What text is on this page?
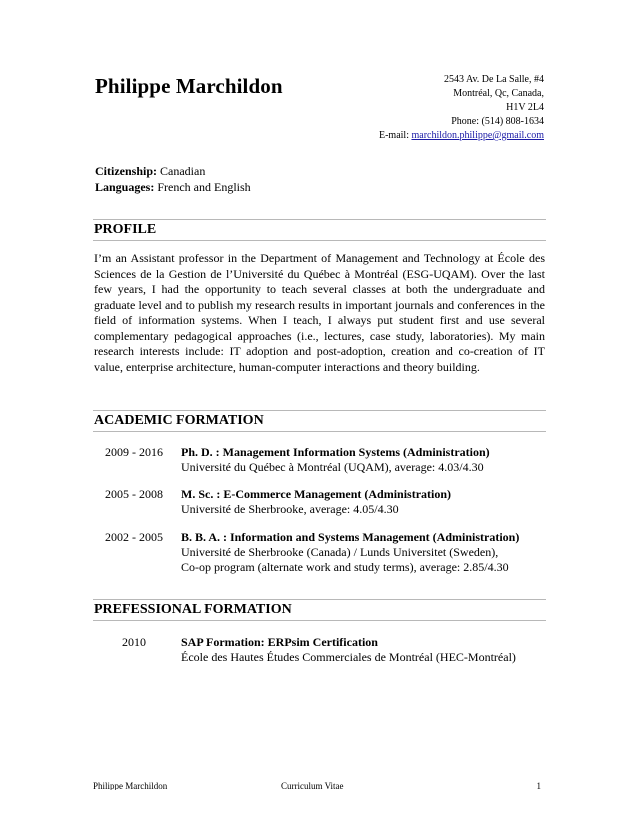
Philippe Marchildon	2543 Av. De La Salle, #4
Montréal, Qc, Canada,
H1V 2L4
Phone: (514) 808-1634
E-mail: marchildon.philippe@gmail.com
Citizenship: Canadian
Languages: French and English
PROFILE
I’m an Assistant professor in the Department of Management and Technology at École des Sciences de la Gestion de l’Université du Québec à Montréal (ESG-UQAM). Over the last few years, I had the opportunity to teach several classes at both the undergraduate and graduate level and to publish my research results in important journals and conferences in the field of information systems. When I teach, I always put student first and use several complementary pedagogical approaches (i.e., lectures, case study, laboratories). My main research interests include: IT adoption and post-adoption, creation and co-creation of IT value, enterprise architecture, human-computer interactions and theory building.
ACADEMIC FORMATION
2009 - 2016	Ph. D. : Management Information Systems (Administration)
Université du Québec à Montréal (UQAM), average: 4.03/4.30
2005 - 2008	M. Sc. : E-Commerce Management (Administration)
Université de Sherbrooke, average: 4.05/4.30
2002 - 2005	B. B. A. : Information and Systems Management (Administration)
Université de Sherbrooke (Canada) / Lunds Universitet (Sweden),
Co-op program (alternate work and study terms), average: 2.85/4.30
PREFESSIONAL FORMATION
2010	SAP Formation: ERPsim Certification
École des Hautes Études Commerciales de Montréal (HEC-Montréal)
Philippe Marchildon	Curriculum Vitae	1
